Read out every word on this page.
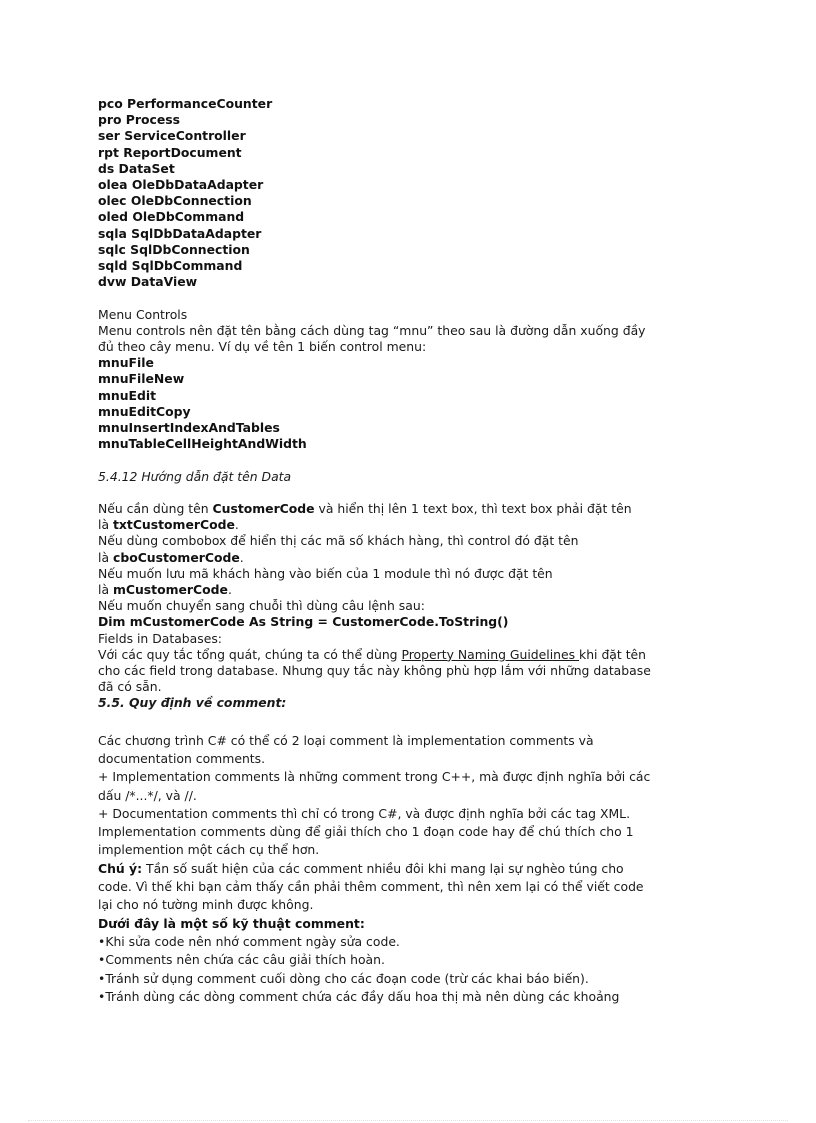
pco PerformanceCounter
pro Process
ser ServiceController
rpt ReportDocument
ds DataSet
olea OleDbDataAdapter
olec OleDbConnection
oled OleDbCommand
sqla SqlDbDataAdapter
sqlc SqlDbConnection
sqld SqlDbCommand
dvw DataView
Menu Controls
Menu controls nên đặt tên bằng cách dùng tag “mnu” theo sau là đường dẫn xuống đầy
đủ theo cây menu. Ví dụ về tên 1 biến control menu:
mnuFile
mnuFileNew
mnuEdit
mnuEditCopy
mnuInsertIndexAndTables
mnuTableCellHeightAndWidth
5.4.12 Hướng dẫn đặt tên Data
Nếu cần dùng tên CustomerCode và hiển thị lên 1 text box, thì text box phải đặt tên
là txtCustomerCode.
Nếu dùng combobox để hiển thị các mã số khách hàng, thì control đó đặt tên
là cboCustomerCode.
Nếu muốn lưu mã khách hàng vào biến của 1 module thì nó được đặt tên
là mCustomerCode.
Nếu muốn chuyển sang chuỗi thì dùng câu lệnh sau:
Dim mCustomerCode As String = CustomerCode.ToString()
Fields in Databases:
Với các quy tắc tổng quát, chúng ta có thể dùng Property Naming Guidelines khi đặt tên
cho các field trong database. Nhưng quy tắc này không phù hợp lắm với những database
đã có sẵn.
5.5. Quy định về comment:
Các chương trình C# có thể có 2 loại comment là implementation comments và
documentation comments.
+ Implementation comments là những comment trong C++, mà được định nghĩa bởi các
dấu /*...*/, và //.
+ Documentation comments thì chỉ có trong C#, và được định nghĩa bởi các tag XML.
Implementation comments dùng để giải thích cho 1 đoạn code hay để chú thích cho 1
implemention một cách cụ thể hơn.
Chú ý: Tần số suất hiện của các comment nhiều đôi khi mang lại sự nghèo túng cho
code. Vì thế khi bạn cảm thấy cần phải thêm comment, thì nên xem lại có thể viết code
lại cho nó tường minh được không.
Dưới đây là một số kỹ thuật comment:
• Khi sửa code nên nhớ comment ngày sửa code.
• Comments nên chứa các câu giải thích hoàn.
• Tránh sử dụng comment cuối dòng cho các đoạn code (trừ các khai báo biến).
• Tránh dùng các dòng comment chứa các đầy dấu hoa thị mà nên dùng các khoảng
